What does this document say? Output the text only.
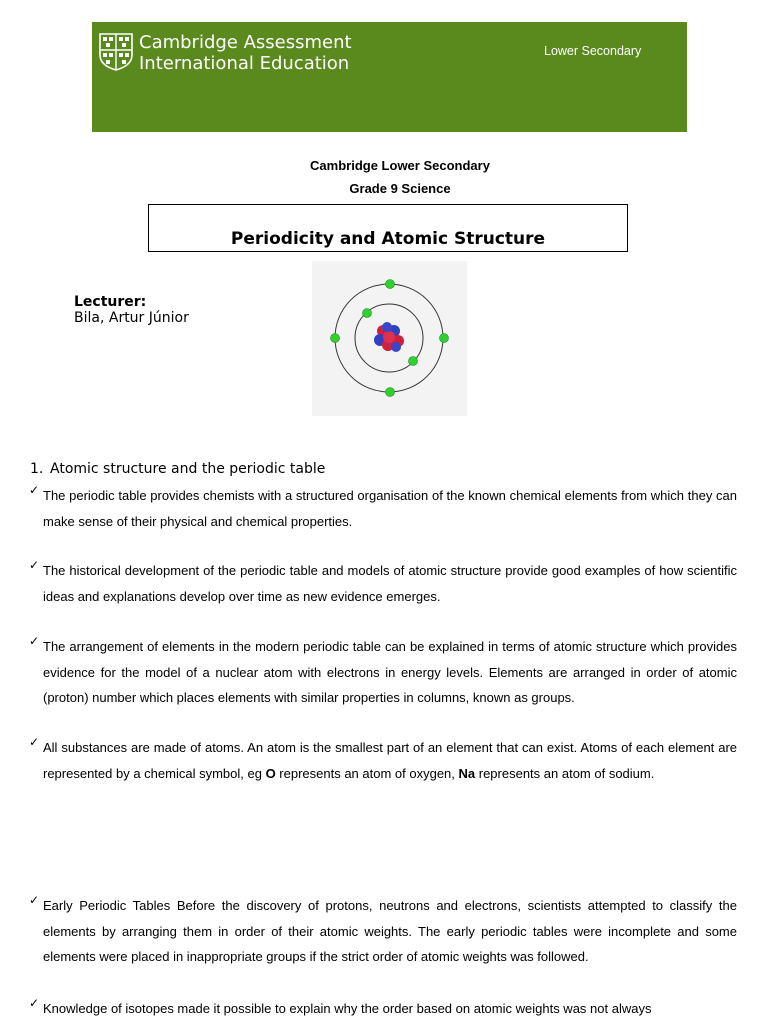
Cambridge Assessment
International Education
Lower Secondary
Cambridge Lower Secondary
Grade 9 Science
Periodicity and Atomic Structure
Lecturer:
Bila, Artur Júnior
1. Atomic structure and the periodic table
✓ The periodic table provides chemists with a structured organisation of the known chemical elements from which they can make sense of their physical and chemical properties.
✓ The historical development of the periodic table and models of atomic structure provide good examples of how scientific ideas and explanations develop over time as new evidence emerges.
✓ The arrangement of elements in the modern periodic table can be explained in terms of atomic structure which provides evidence for the model of a nuclear atom with electrons in energy levels. Elements are arranged in order of atomic (proton) number which places elements with similar properties in columns, known as groups.
✓ All substances are made of atoms. An atom is the smallest part of an element that can exist. Atoms of each element are represented by a chemical symbol, eg O represents an atom of oxygen, Na represents an atom of sodium.
✓ Early Periodic Tables Before the discovery of protons, neutrons and electrons, scientists attempted to classify the elements by arranging them in order of their atomic weights. The early periodic tables were incomplete and some elements were placed in inappropriate groups if the strict order of atomic weights was followed.
✓ Knowledge of isotopes made it possible to explain why the order based on atomic weights was not always
